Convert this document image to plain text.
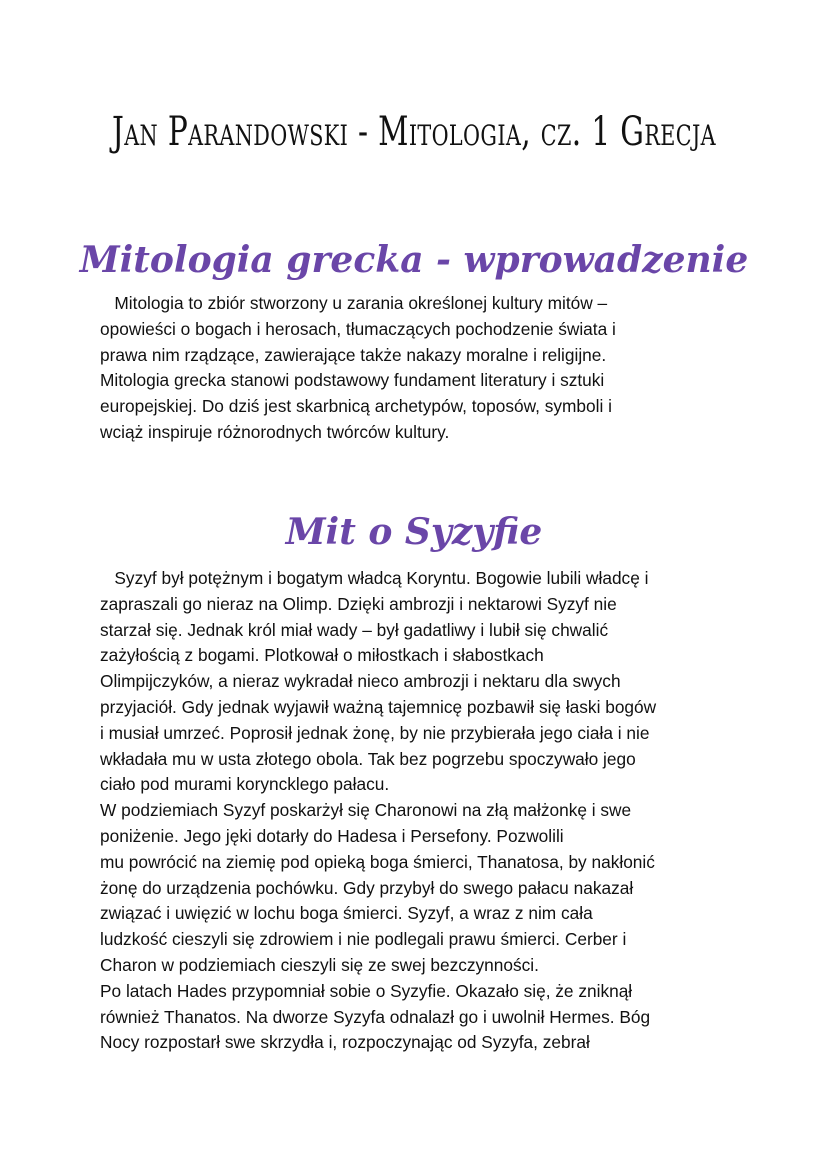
Jan Parandowski - Mitologia, cz. 1 Grecja
Mitologia grecka - wprowadzenie
Mitologia to zbiór stworzony u zarania określonej kultury mitów –
opowieści o bogach i herosach, tłumaczących pochodzenie świata i
prawa nim rządzące, zawierające także nakazy moralne i religijne.
Mitologia grecka stanowi podstawowy fundament literatury i sztuki
europejskiej. Do dziś jest skarbnicą archetypów, toposów, symboli i
wciąż inspiruje różnorodnych twórców kultury.
Mit o Syzyfie
Syzyf był potężnym i bogatym władcą Koryntu. Bogowie lubili władcę i
zapraszali go nieraz na Olimp. Dzięki ambrozji i nektarowi Syzyf nie
starzał się. Jednak król miał wady – był gadatliwy i lubił się chwalić
zażyłością z bogami. Plotkował o miłostkach i słabostkach
Olimpijczyków, a nieraz wykradał nieco ambrozji i nektaru dla swych
przyjaciół. Gdy jednak wyjawił ważną tajemnicę pozbawił się łaski bogów
i musiał umrzeć. Poprosił jednak żonę, by nie przybierała jego ciała i nie
wkładała mu w usta złotego obola. Tak bez pogrzebu spoczywało jego
ciało pod murami koryncklego pałacu.
W podziemiach Syzyf poskarżył się Charonowi na złą małżonkę i swe
poniżenie. Jego jęki dotarły do Hadesa i Persefony. Pozwolili
mu powrócić na ziemię pod opieką boga śmierci, Thanatosa, by nakłonić
żonę do urządzenia pochówku. Gdy przybył do swego pałacu nakazał
związać i uwięzić w lochu boga śmierci. Syzyf, a wraz z nim cała
ludzkość cieszyli się zdrowiem i nie podlegali prawu śmierci. Cerber i
Charon w podziemiach cieszyli się ze swej bezczynności.
Po latach Hades przypomniał sobie o Syzyfie. Okazało się, że zniknął
również Thanatos. Na dworze Syzyfa odnalazł go i uwolnił Hermes. Bóg
Nocy rozpostarł swe skrzydła i, rozpoczynając od Syzyfa, zebrał
